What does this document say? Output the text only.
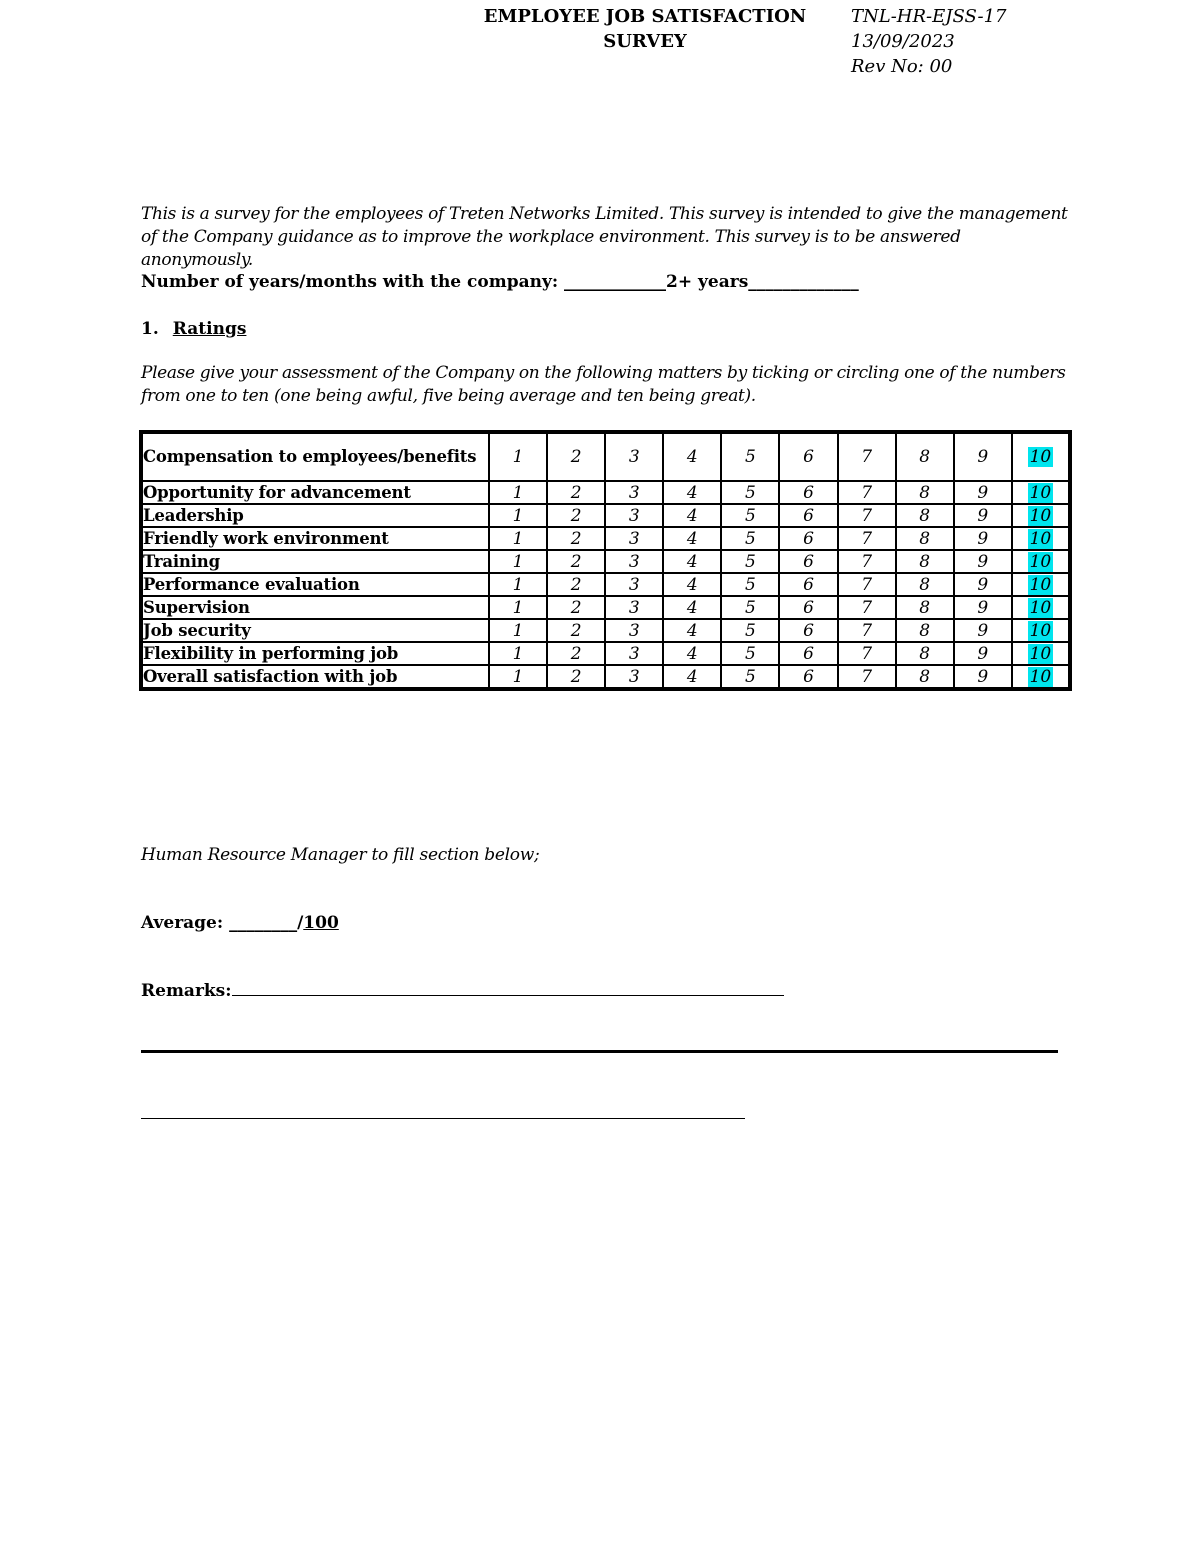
EMPLOYEE JOB SATISFACTION
SURVEY
TNL-HR-EJSS-17
13/09/2023
Rev No: 00
This is a survey for the employees of Treten Networks Limited. This survey is intended to give the management of the Company guidance as to improve the workplace environment. This survey is to be answered anonymously.
Number of years/months with the company: ____________2+ years_____________
1. Ratings
Please give your assessment of the Company on the following matters by ticking or circling one of the numbers from one to ten (one being awful, five being average and ten being great).
Compensation to employees/benefits	1	2	3	4	5	6	7	8	9	10
Opportunity for advancement	1	2	3	4	5	6	7	8	9	10
Leadership	1	2	3	4	5	6	7	8	9	10
Friendly work environment	1	2	3	4	5	6	7	8	9	10
Training	1	2	3	4	5	6	7	8	9	10
Performance evaluation	1	2	3	4	5	6	7	8	9	10
Supervision	1	2	3	4	5	6	7	8	9	10
Job security	1	2	3	4	5	6	7	8	9	10
Flexibility in performing job	1	2	3	4	5	6	7	8	9	10
Overall satisfaction with job	1	2	3	4	5	6	7	8	9	10
Human Resource Manager to fill section below;
Average: ________/100
Remarks:
